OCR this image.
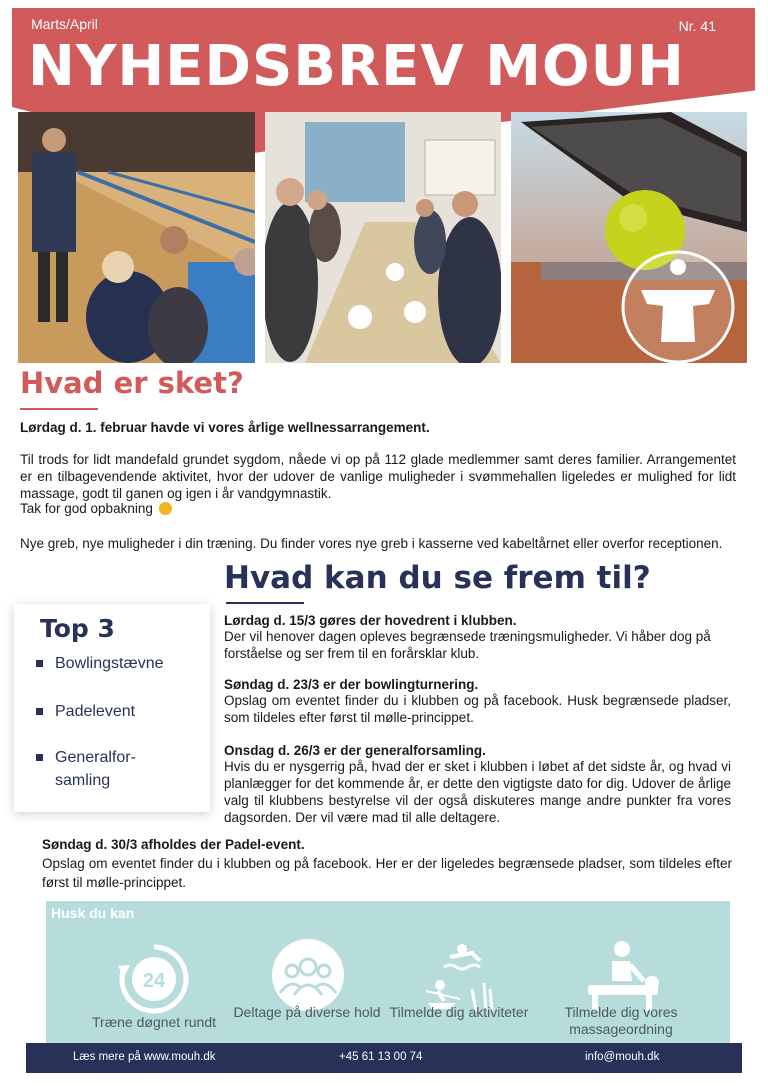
Marts/April	Nr. 41
NYHEDSBREV MOUH
Hvad er sket?
Lørdag d. 1. februar havde vi vores årlige wellnessarrangement.
Til trods for lidt mandefald grundet sygdom, nåede vi op på 112 glade medlemmer samt deres familier. Arrangementet er en tilbagevendende aktivitet, hvor der udover de vanlige muligheder i svømmehallen ligeledes er mulighed for lidt massage, godt til ganen og igen i år vandgymnastik.
Tak for god opbakning
Nye greb, nye muligheder i din træning. Du finder vores nye greb i kasserne ved kabeltårnet eller overfor receptionen.
Hvad kan du se frem til?
Top 3
Bowlingstævne
Padelevent
Generalfor-samling
Lørdag d. 15/3 gøres der hovedrent i klubben.
Der vil henover dagen opleves begrænsede træningsmuligheder. Vi håber dog på forståelse og ser frem til en forårsklar klub.
Søndag d. 23/3 er der bowlingturnering.
Opslag om eventet finder du i klubben og på facebook. Husk begrænsede pladser, som tildeles efter først til mølle-princippet.
Onsdag d. 26/3 er der generalforsamling.
Hvis du er nysgerrig på, hvad der er sket i klubben i løbet af det sidste år, og hvad vi planlægger for det kommende år, er dette den vigtigste dato for dig. Udover de årlige valg til klubbens bestyrelse vil der også diskuteres mange andre punkter fra vores dagsorden. Der vil være mad til alle deltagere.
Søndag d. 30/3 afholdes der Padel-event.
Opslag om eventet finder du i klubben og på facebook. Her er der ligeledes begrænsede pladser, som tildeles efter først til mølle-princippet.
Husk du kan
24
Træne døgnet rundt
Deltage på diverse hold Tilmelde dig aktiviteter	Tilmelde dig vores massageordning
Læs mere på www.mouh.dk	+45 61 13 00 74	info@mouh.dk
